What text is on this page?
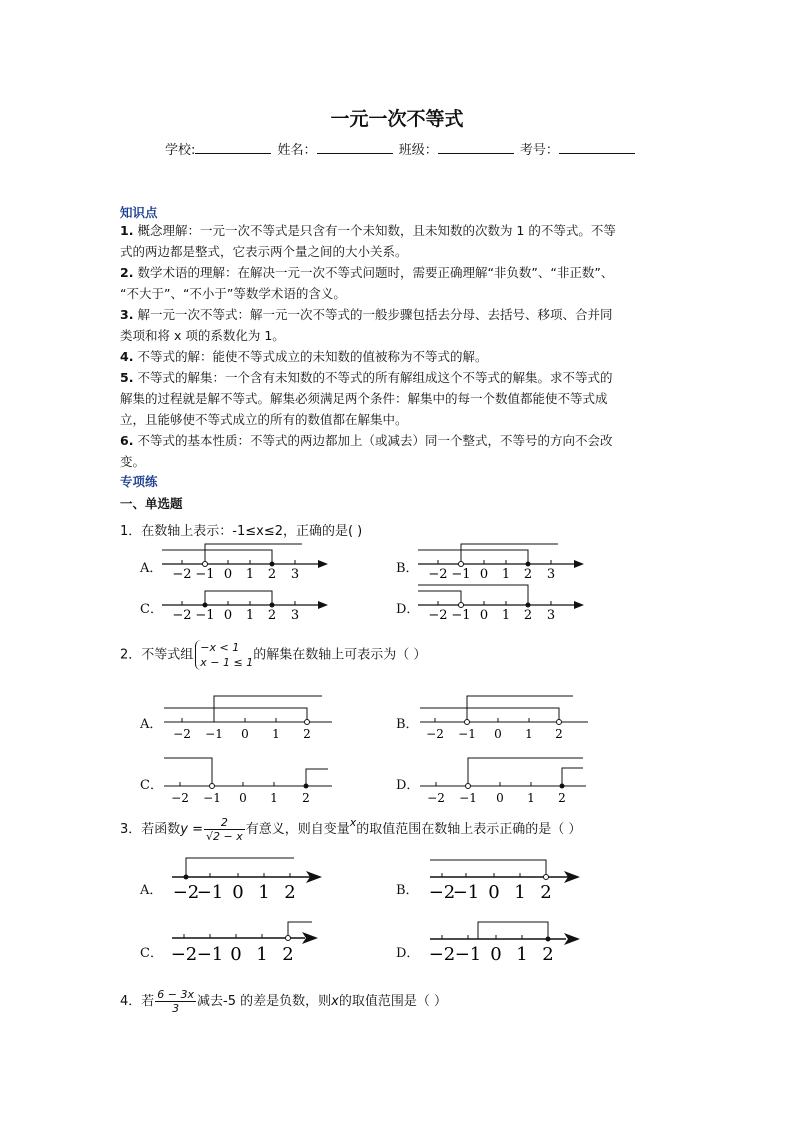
一元一次不等式
学校:	姓名：	班级：	考号：
知识点
1. 概念理解：一元一次不等式是只含有一个未知数，且未知数的次数为 1 的不等式。不等
式的两边都是整式，它表示两个量之间的大小关系。
2. 数学术语的理解：在解决一元一次不等式问题时，需要正确理解“非负数”、“非正数”、
“不大于”、“不小于”等数学术语的含义。
3. 解一元一次不等式：解一元一次不等式的一般步骤包括去分母、去括号、移项、合并同
类项和将 x 项的系数化为 1。
4. 不等式的解：能使不等式成立的未知数的值被称为不等式的解。
5. 不等式的解集：一个含有未知数的不等式的所有解组成这个不等式的解集。求不等式的
解集的过程就是解不等式。解集必须满足两个条件：解集中的每一个数值都能使不等式成
立，且能够使不等式成立的所有的数值都在解集中。
6. 不等式的基本性质：不等式的两边都加上（或减去）同一个整式，不等号的方向不会改
变。
专项练
一、单选题
1．在数轴上表示：-1≤x≤2，正确的是( )
A． −2 −1 0 1 2 3	B． −2 −1 0 1 2 3
C． −2 −1 0 1 2 3	D． −2 −1 0 1 2 3
2．不等式组 −x < 1
x − 1 ≤ 1的解集在数轴上可表示为（ ）
A．
−2 −1 0 1 2
B．
−2 −1 0 1 2
C．
−2 −1 0 1 2
D．
−2 −1 0 1 2
3．若函数$y = \frac{2}{√2 - x}$ 有意义，则自变量$^x$的取值范围在数轴上表示正确的是（ ）
A． −2
−1 0 1 2	B． −2
−1 0 1 2
C． −2 −1 0 1 2	D． −2 −1 0 1 2
4．若 $\frac{6 - 3x}{3}$ 减去-5 的差是负数，则x的取值范围是（ ）
